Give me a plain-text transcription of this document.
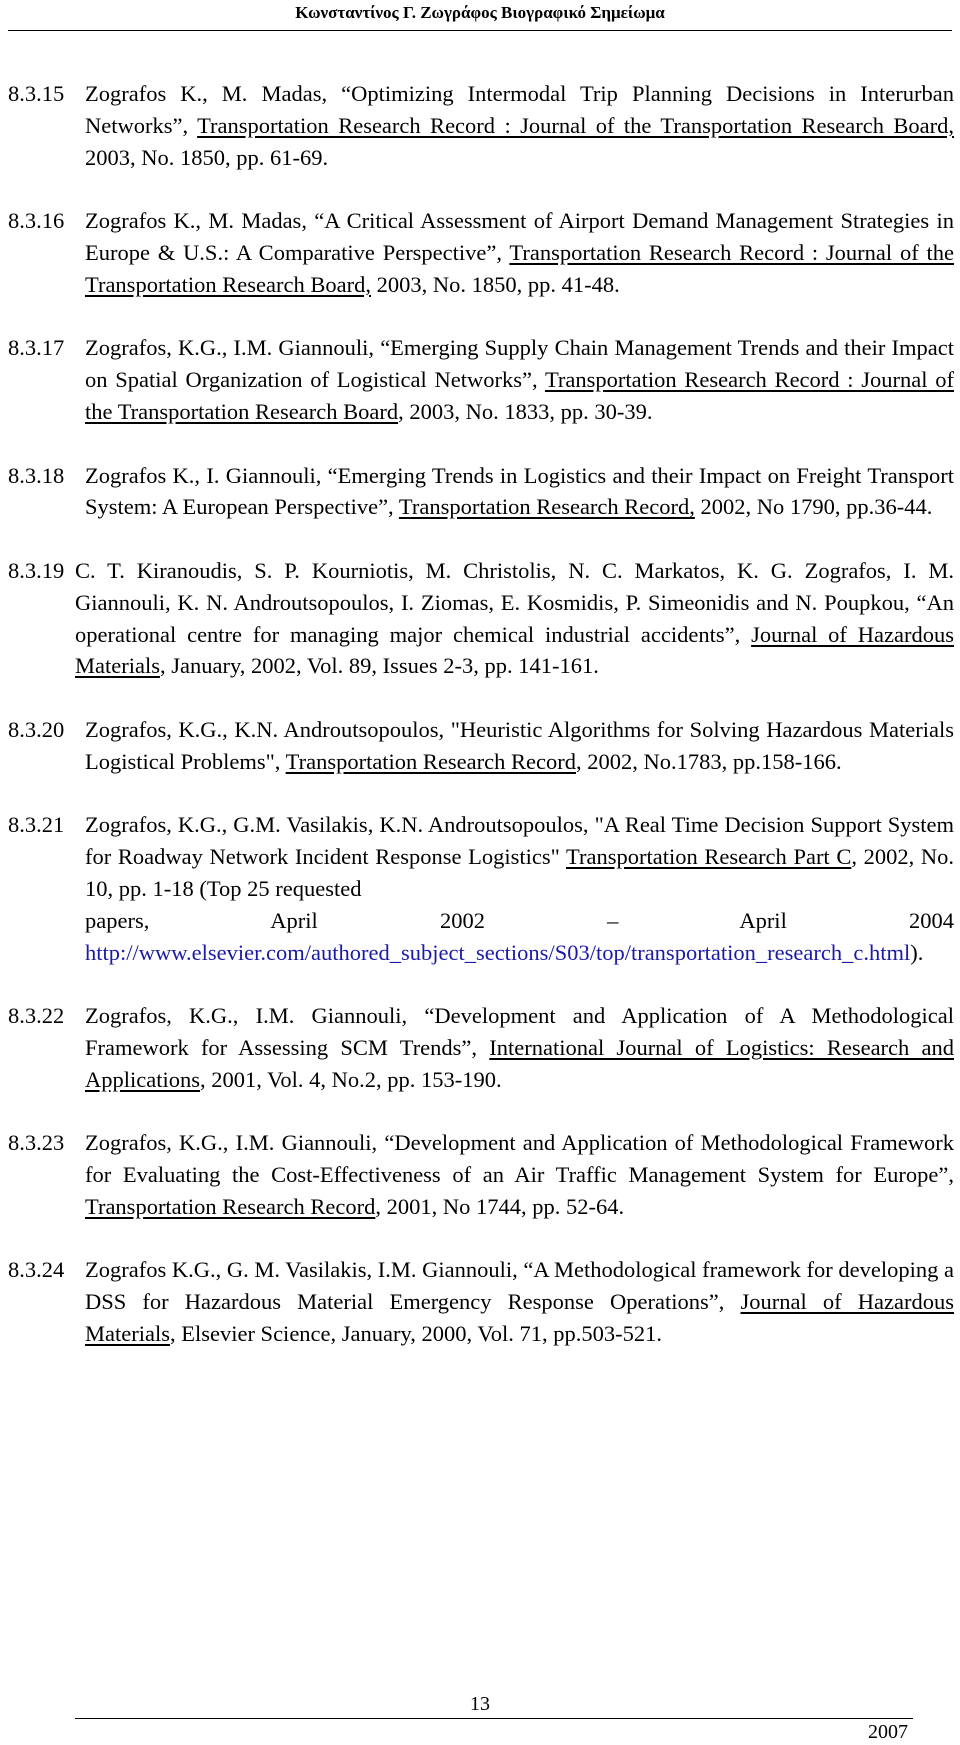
Κωνσταντίνος Γ. Ζωγράφος Βιογραφικό Σημείωμα
8.3.15 Zografos K., M. Madas, “Optimizing Intermodal Trip Planning Decisions in Interurban Networks”, Transportation Research Record : Journal of the Transportation Research Board, 2003, No. 1850, pp. 61-69.
8.3.16 Zografos K., M. Madas, “A Critical Assessment of Airport Demand Management Strategies in Europe & U.S.: A Comparative Perspective”, Transportation Research Record : Journal of the Transportation Research Board, 2003, No. 1850, pp. 41-48.
8.3.17 Zografos, K.G., I.M. Giannouli, “Emerging Supply Chain Management Trends and their Impact on Spatial Organization of Logistical Networks”, Transportation Research Record : Journal of the Transportation Research Board, 2003, No. 1833, pp. 30-39.
8.3.18 Zografos K., I. Giannouli, “Emerging Trends in Logistics and their Impact on Freight Transport System: A European Perspective”, Transportation Research Record, 2002, No 1790, pp.36-44.
8.3.19 C. T. Kiranoudis, S. P. Kourniotis, M. Christolis, N. C. Markatos, K. G. Zografos, I. M. Giannouli, K. N. Androutsopoulos, I. Ziomas, E. Kosmidis, P. Simeonidis and N. Poupkou, “An operational centre for managing major chemical industrial accidents”, Journal of Hazardous Materials, January, 2002, Vol. 89, Issues 2-3, pp. 141-161.
8.3.20 Zografos, K.G., K.N. Androutsopoulos, "Heuristic Algorithms for Solving Hazardous Materials Logistical Problems", Transportation Research Record, 2002, No.1783, pp.158-166.
8.3.21 Zografos, K.G., G.M. Vasilakis, K.N. Androutsopoulos, "A Real Time Decision Support System for Roadway Network Incident Response Logistics" Transportation Research Part C, 2002, No. 10, pp. 1-18 (Top 25 requested
papers, April 2002 – April 2004
http://www.elsevier.com/authored_subject_sections/S03/top/transportation_research_c.html).
8.3.22 Zografos, K.G., I.M. Giannouli, “Development and Application of A Methodological Framework for Assessing SCM Trends”, International Journal of Logistics: Research and Applications, 2001, Vol. 4, No.2, pp. 153-190.
8.3.23 Zografos, K.G., I.M. Giannouli, “Development and Application of Methodological Framework for Evaluating the Cost-Effectiveness of an Air Traffic Management System for Europe”, Transportation Research Record, 2001, No 1744, pp. 52-64.
8.3.24 Zografos K.G., G. M. Vasilakis, I.M. Giannouli, “A Methodological framework for developing a DSS for Hazardous Material Emergency Response Operations”, Journal of Hazardous Materials, Elsevier Science, January, 2000, Vol. 71, pp.503-521.
13
2007
